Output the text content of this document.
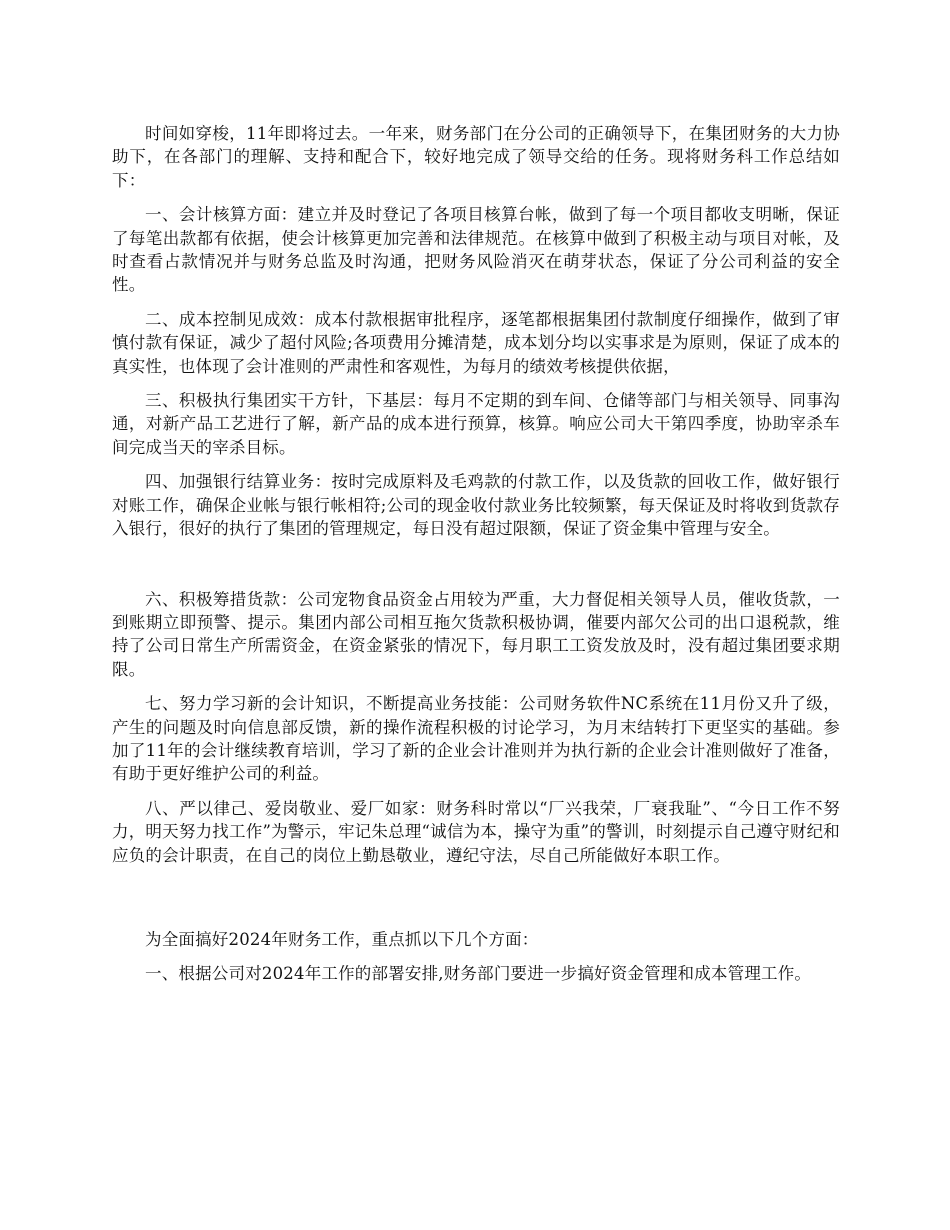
时间如穿梭，11年即将过去。一年来，财务部门在分公司的正确领导下，在集团财务的大力协助下，在各部门的理解、支持和配合下，较好地完成了领导交给的任务。现将财务科工作总结如下：

一、会计核算方面：建立并及时登记了各项目核算台帐，做到了每一个项目都收支明晰，保证了每笔出款都有依据，使会计核算更加完善和法律规范。在核算中做到了积极主动与项目对帐，及时查看占款情况并与财务总监及时沟通，把财务风险消灭在萌芽状态，保证了分公司利益的安全性。

二、成本控制见成效：成本付款根据审批程序，逐笔都根据集团付款制度仔细操作，做到了审慎付款有保证，减少了超付风险;各项费用分摊清楚，成本划分均以实事求是为原则，保证了成本的真实性，也体现了会计准则的严肃性和客观性，为每月的绩效考核提供依据，

三、积极执行集团实干方针，下基层：每月不定期的到车间、仓储等部门与相关领导、同事沟通，对新产品工艺进行了解，新产品的成本进行预算，核算。响应公司大干第四季度，协助宰杀车间完成当天的宰杀目标。

四、加强银行结算业务：按时完成原料及毛鸡款的付款工作，以及货款的回收工作，做好银行对账工作，确保企业帐与银行帐相符;公司的现金收付款业务比较频繁，每天保证及时将收到货款存入银行，很好的执行了集团的管理规定，每日没有超过限额，保证了资金集中管理与安全。

六、积极筹措货款：公司宠物食品资金占用较为严重，大力督促相关领导人员，催收货款，一到账期立即预警、提示。集团内部公司相互拖欠货款积极协调，催要内部欠公司的出口退税款，维持了公司日常生产所需资金，在资金紧张的情况下，每月职工工资发放及时，没有超过集团要求期限。

七、努力学习新的会计知识，不断提高业务技能：公司财务软件NC系统在11月份又升了级，产生的问题及时向信息部反馈，新的操作流程积极的讨论学习，为月末结转打下更坚实的基础。参加了11年的会计继续教育培训，学习了新的企业会计准则并为执行新的企业会计准则做好了准备，有助于更好维护公司的利益。

八、严以律己、爱岗敬业、爱厂如家：财务科时常以“厂兴我荣，厂衰我耻”、“今日工作不努力，明天努力找工作”为警示，牢记朱总理“诚信为本，操守为重”的警训，时刻提示自己遵守财纪和应负的会计职责，在自己的岗位上勤恳敬业，遵纪守法，尽自己所能做好本职工作。

为全面搞好2024年财务工作，重点抓以下几个方面：

一、根据公司对2024年工作的部署安排,财务部门要进一步搞好资金管理和成本管理工作。
